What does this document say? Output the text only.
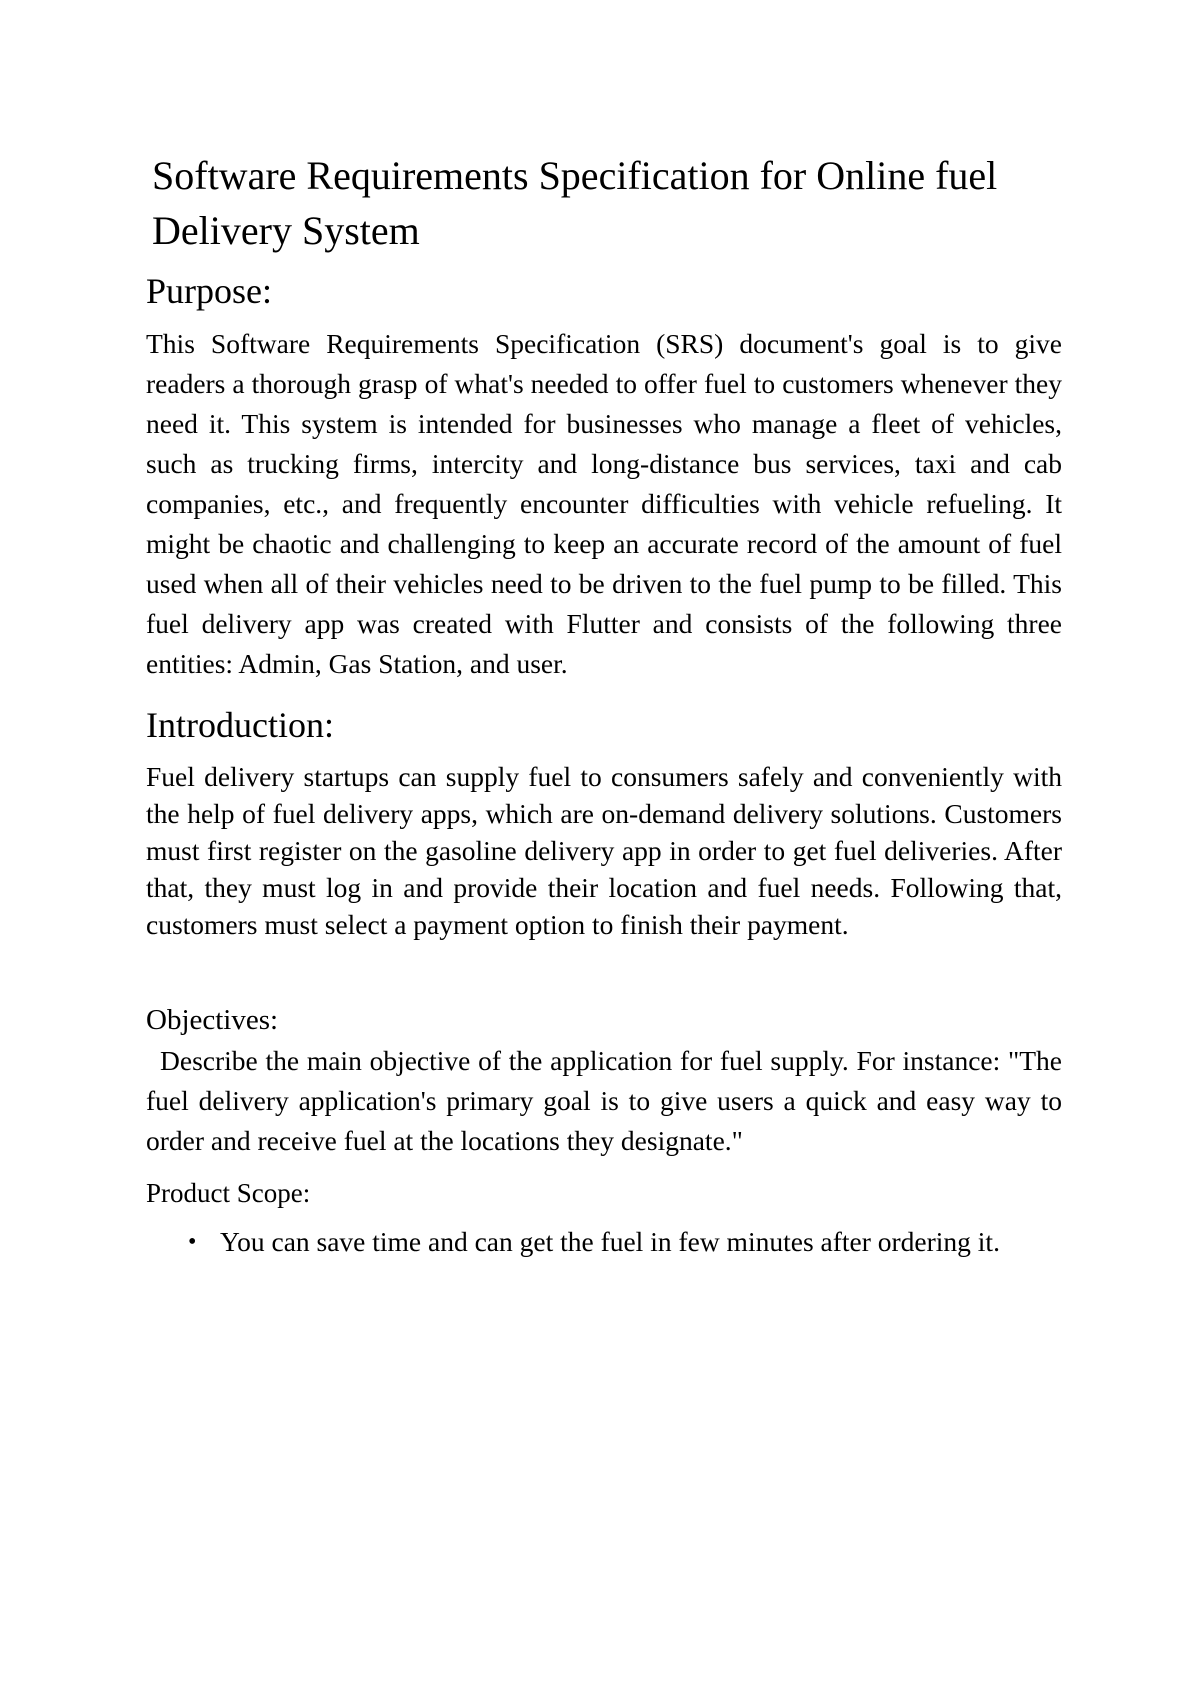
Software Requirements Specification for Online fuel Delivery System
Purpose:

This Software Requirements Specification (SRS) document's goal is to give readers a thorough grasp of what's needed to offer fuel to customers whenever they need it. This system is intended for businesses who manage a fleet of vehicles, such as trucking firms, intercity and long-distance bus services, taxi and cab companies, etc., and frequently encounter difficulties with vehicle refueling. It might be chaotic and challenging to keep an accurate record of the amount of fuel used when all of their vehicles need to be driven to the fuel pump to be filled. This fuel delivery app was created with Flutter and consists of the following three entities: Admin, Gas Station, and user.

Introduction:

Fuel delivery startups can supply fuel to consumers safely and conveniently with the help of fuel delivery apps, which are on-demand delivery solutions. Customers must first register on the gasoline delivery app in order to get fuel deliveries. After that, they must log in and provide their location and fuel needs. Following that, customers must select a payment option to finish their payment.

Objectives:

Describe the main objective of the application for fuel supply. For instance: "The fuel delivery application's primary goal is to give users a quick and easy way to order and receive fuel at the locations they designate."

Product Scope:
• You can save time and can get the fuel in few minutes after ordering it.
